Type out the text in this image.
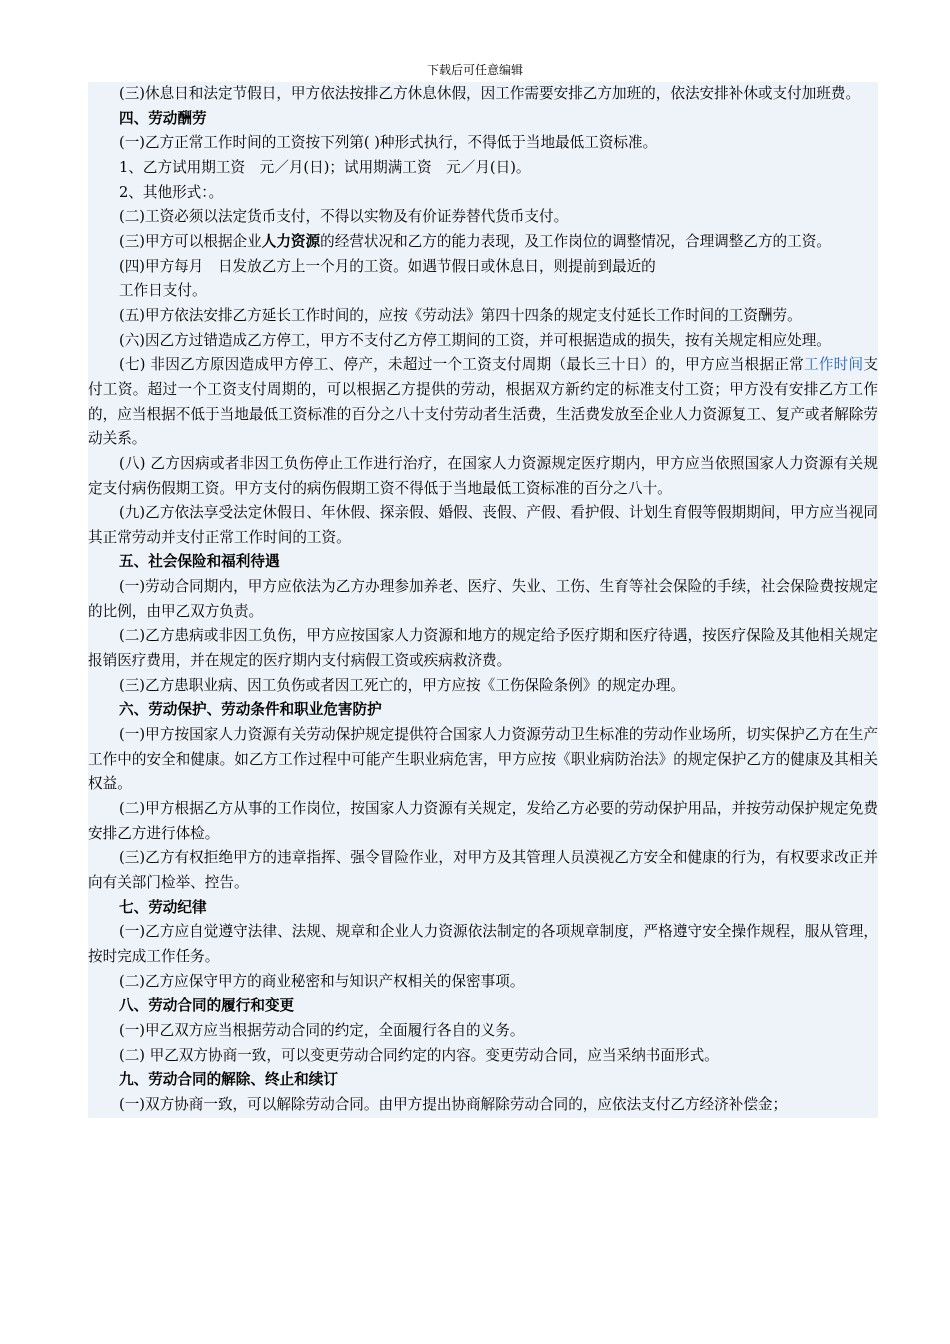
下载后可任意编辑

(三)休息日和法定节假日，甲方依法按排乙方休息休假，因工作需要安排乙方加班的，依法安排补休或支付加班费。

四、劳动酬劳

(一)乙方正常工作时间的工资按下列第( )种形式执行，不得低于当地最低工资标准。

1、乙方试用期工资　元／月(日)；试用期满工资　元／月(日)。

2、其他形式：。

(二)工资必须以法定货币支付，不得以实物及有价证券替代货币支付。

(三)甲方可以根据企业人力资源的经营状况和乙方的能力表现，及工作岗位的调整情况，合理调整乙方的工资。

(四)甲方每月　日发放乙方上一个月的工资。如遇节假日或休息日，则提前到最近的

工作日支付。

(五)甲方依法安排乙方延长工作时间的，应按《劳动法》第四十四条的规定支付延长工作时间的工资酬劳。

(六)因乙方过错造成乙方停工，甲方不支付乙方停工期间的工资，并可根据造成的损失，按有关规定相应处理。

(七) 非因乙方原因造成甲方停工、停产，未超过一个工资支付周期（最长三十日）的，甲方应当根据正常工作时间支付工资。超过一个工资支付周期的，可以根据乙方提供的劳动，根据双方新约定的标准支付工资；甲方没有安排乙方工作的，应当根据不低于当地最低工资标准的百分之八十支付劳动者生活费，生活费发放至企业人力资源复工、复产或者解除劳动关系。

(八) 乙方因病或者非因工负伤停止工作进行治疗，在国家人力资源规定医疗期内，甲方应当依照国家人力资源有关规定支付病伤假期工资。甲方支付的病伤假期工资不得低于当地最低工资标准的百分之八十。

(九)乙方依法享受法定休假日、年休假、探亲假、婚假、丧假、产假、看护假、计划生育假等假期期间，甲方应当视同其正常劳动并支付正常工作时间的工资。

五、社会保险和福利待遇

(一)劳动合同期内，甲方应依法为乙方办理参加养老、医疗、失业、工伤、生育等社会保险的手续，社会保险费按规定的比例，由甲乙双方负责。

(二)乙方患病或非因工负伤，甲方应按国家人力资源和地方的规定给予医疗期和医疗待遇，按医疗保险及其他相关规定报销医疗费用，并在规定的医疗期内支付病假工资或疾病救济费。

(三)乙方患职业病、因工负伤或者因工死亡的，甲方应按《工伤保险条例》的规定办理。

六、劳动保护、劳动条件和职业危害防护

(一)甲方按国家人力资源有关劳动保护规定提供符合国家人力资源劳动卫生标准的劳动作业场所，切实保护乙方在生产工作中的安全和健康。如乙方工作过程中可能产生职业病危害，甲方应按《职业病防治法》的规定保护乙方的健康及其相关权益。

(二)甲方根据乙方从事的工作岗位，按国家人力资源有关规定，发给乙方必要的劳动保护用品，并按劳动保护规定免费安排乙方进行体检。

(三)乙方有权拒绝甲方的违章指挥、强令冒险作业，对甲方及其管理人员漠视乙方安全和健康的行为，有权要求改正并向有关部门检举、控告。

七、劳动纪律

(一)乙方应自觉遵守法律、法规、规章和企业人力资源依法制定的各项规章制度，严格遵守安全操作规程，服从管理，按时完成工作任务。

(二)乙方应保守甲方的商业秘密和与知识产权相关的保密事项。

八、劳动合同的履行和变更

(一)甲乙双方应当根据劳动合同的约定，全面履行各自的义务。

(二) 甲乙双方协商一致，可以变更劳动合同约定的内容。变更劳动合同，应当采纳书面形式。

九、劳动合同的解除、终止和续订

(一)双方协商一致，可以解除劳动合同。由甲方提出协商解除劳动合同的，应依法支付乙方经济补偿金；
